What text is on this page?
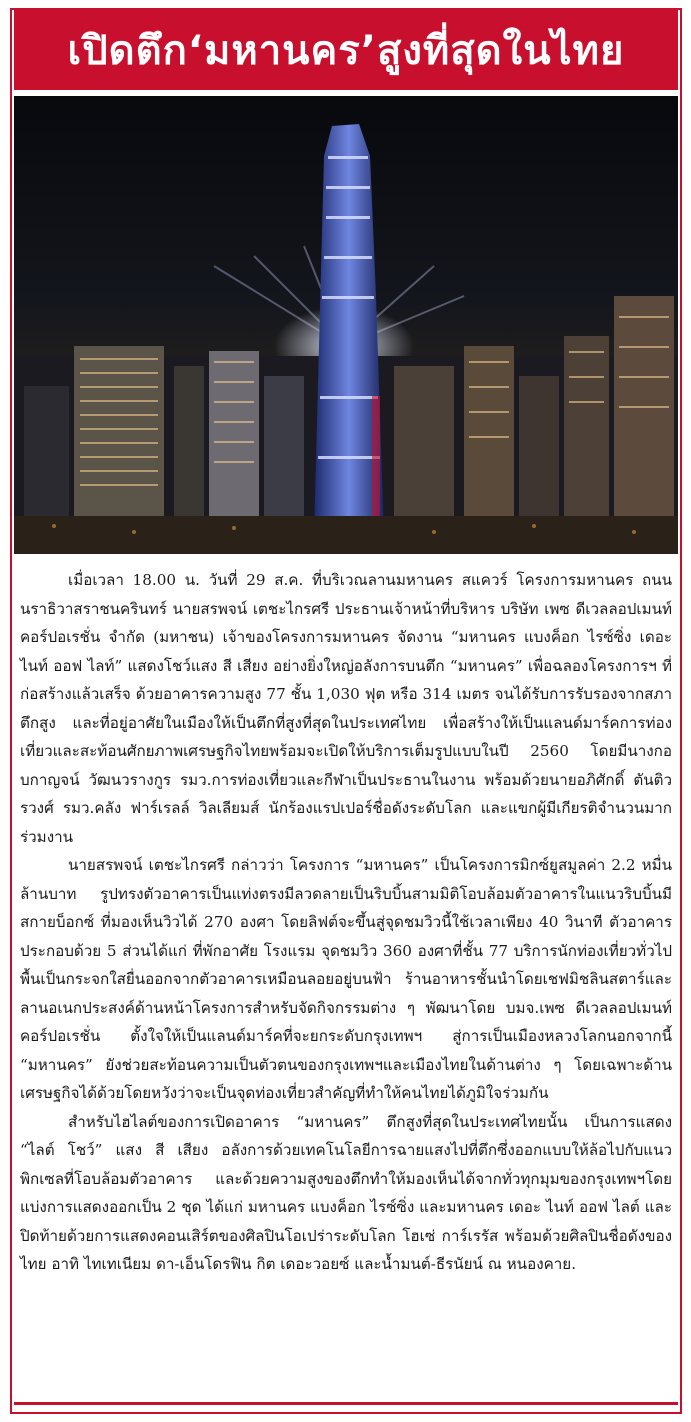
เปิดตึก‘มหานคร’สูงที่สุดในไทย

เมื่อเวลา 18.00 น. วันที่ 29 ส.ค. ที่บริเวณลานมหานคร สแควร์ โครงการมหานคร ถนนนราธิวาสราชนครินทร์ นายสรพจน์ เตชะไกรศรี ประธานเจ้าหน้าที่บริหาร บริษัท เพซ ดีเวลลอปเมนท์คอร์ปอเรชั่น จำกัด (มหาชน) เจ้าของโครงการมหานคร จัดงาน “มหานคร แบงค็อก ไรซ์ซิ่ง เดอะ ไนท์ ออฟ ไลท์” แสดงโชว์แสง สี เสียง อย่างยิ่งใหญ่อลังการบนตึก “มหานคร” เพื่อฉลองโครงการฯ ที่ก่อสร้างแล้วเสร็จ ด้วยอาคารความสูง 77 ชั้น 1,030 ฟุต หรือ 314 เมตร จนได้รับการรับรองจากสภาตึกสูง และที่อยู่อาศัยในเมืองให้เป็นตึกที่สูงที่สุดในประเทศไทย เพื่อสร้างให้เป็นแลนด์มาร์คการท่องเที่ยวและสะท้อนศักยภาพเศรษฐกิจไทยพร้อมจะเปิดให้บริการเต็มรูปแบบในปี 2560 โดยมีนางกอบกาญจน์ วัฒนวรางกูร รมว.การท่องเที่ยวและกีฬาเป็นประธานในงาน พร้อมด้วยนายอภิศักดิ์ ตันติวรวงศ์ รมว.คลัง ฟาร์เรลล์ วิลเลียมส์ นักร้องแรปเปอร์ชื่อดังระดับโลก และแขกผู้มีเกียรติจำนวนมากร่วมงาน

นายสรพจน์ เตชะไกรศรี กล่าวว่า โครงการ “มหานคร” เป็นโครงการมิกซ์ยูสมูลค่า 2.2 หมื่นล้านบาท รูปทรงตัวอาคารเป็นแท่งตรงมีลวดลายเป็นริบบิ้นสามมิติโอบล้อมตัวอาคารในแนวริบบิ้นมีสกายบ็อกซ์ ที่มองเห็นวิวได้ 270 องศา โดยลิฟต์จะขึ้นสู่จุดชมวิวนี้ใช้เวลาเพียง 40 วินาที ตัวอาคารประกอบด้วย 5 ส่วนได้แก่ ที่พักอาศัย โรงแรม จุดชมวิว 360 องศาที่ชั้น 77 บริการนักท่องเที่ยวทั่วไปพื้นเป็นกระจกใสยื่นออกจากตัวอาคารเหมือนลอยอยู่บนฟ้า ร้านอาหารชั้นนำโดยเชฟมิชลินสตาร์และลานอเนกประสงค์ด้านหน้าโครงการสำหรับจัดกิจกรรมต่าง ๆ พัฒนาโดย บมจ.เพซ ดีเวลลอปเมนท์คอร์ปอเรชั่น ตั้งใจให้เป็นแลนด์มาร์คที่จะยกระดับกรุงเทพฯ สู่การเป็นเมืองหลวงโลกนอกจากนี้ “มหานคร” ยังช่วยสะท้อนความเป็นตัวตนของกรุงเทพฯและเมืองไทยในด้านต่าง ๆ โดยเฉพาะด้านเศรษฐกิจได้ด้วยโดยหวังว่าจะเป็นจุดท่องเที่ยวสำคัญที่ทำให้คนไทยได้ภูมิใจร่วมกัน

สำหรับไฮไลต์ของการเปิดอาคาร “มหานคร” ตึกสูงที่สุดในประเทศไทยนั้น เป็นการแสดง “ไลต์ โชว์” แสง สี เสียง อลังการด้วยเทคโนโลยีการฉายแสงไปที่ตึกซึ่งออกแบบให้ล้อไปกับแนวพิกเซลที่โอบล้อมตัวอาคาร และด้วยความสูงของตึกทำให้มองเห็นได้จากทั่วทุกมุมของกรุงเทพฯโดยแบ่งการแสดงออกเป็น 2 ชุด ได้แก่ มหานคร แบงค็อก ไรซ์ซิ่ง และมหานคร เดอะ ไนท์ ออฟ ไลต์ และปิดท้ายด้วยการแสดงคอนเสิร์ตของศิลปินโอเปร่าระดับโลก โฮเซ่ การ์เรรัส พร้อมด้วยศิลปินชื่อดังของไทย อาทิ ไทเทเนียม ดา-เอ็นโดรฟิน กิต เดอะวอยซ์ และน้ำมนต์-ธีรนัยน์ ณ หนองคาย.
